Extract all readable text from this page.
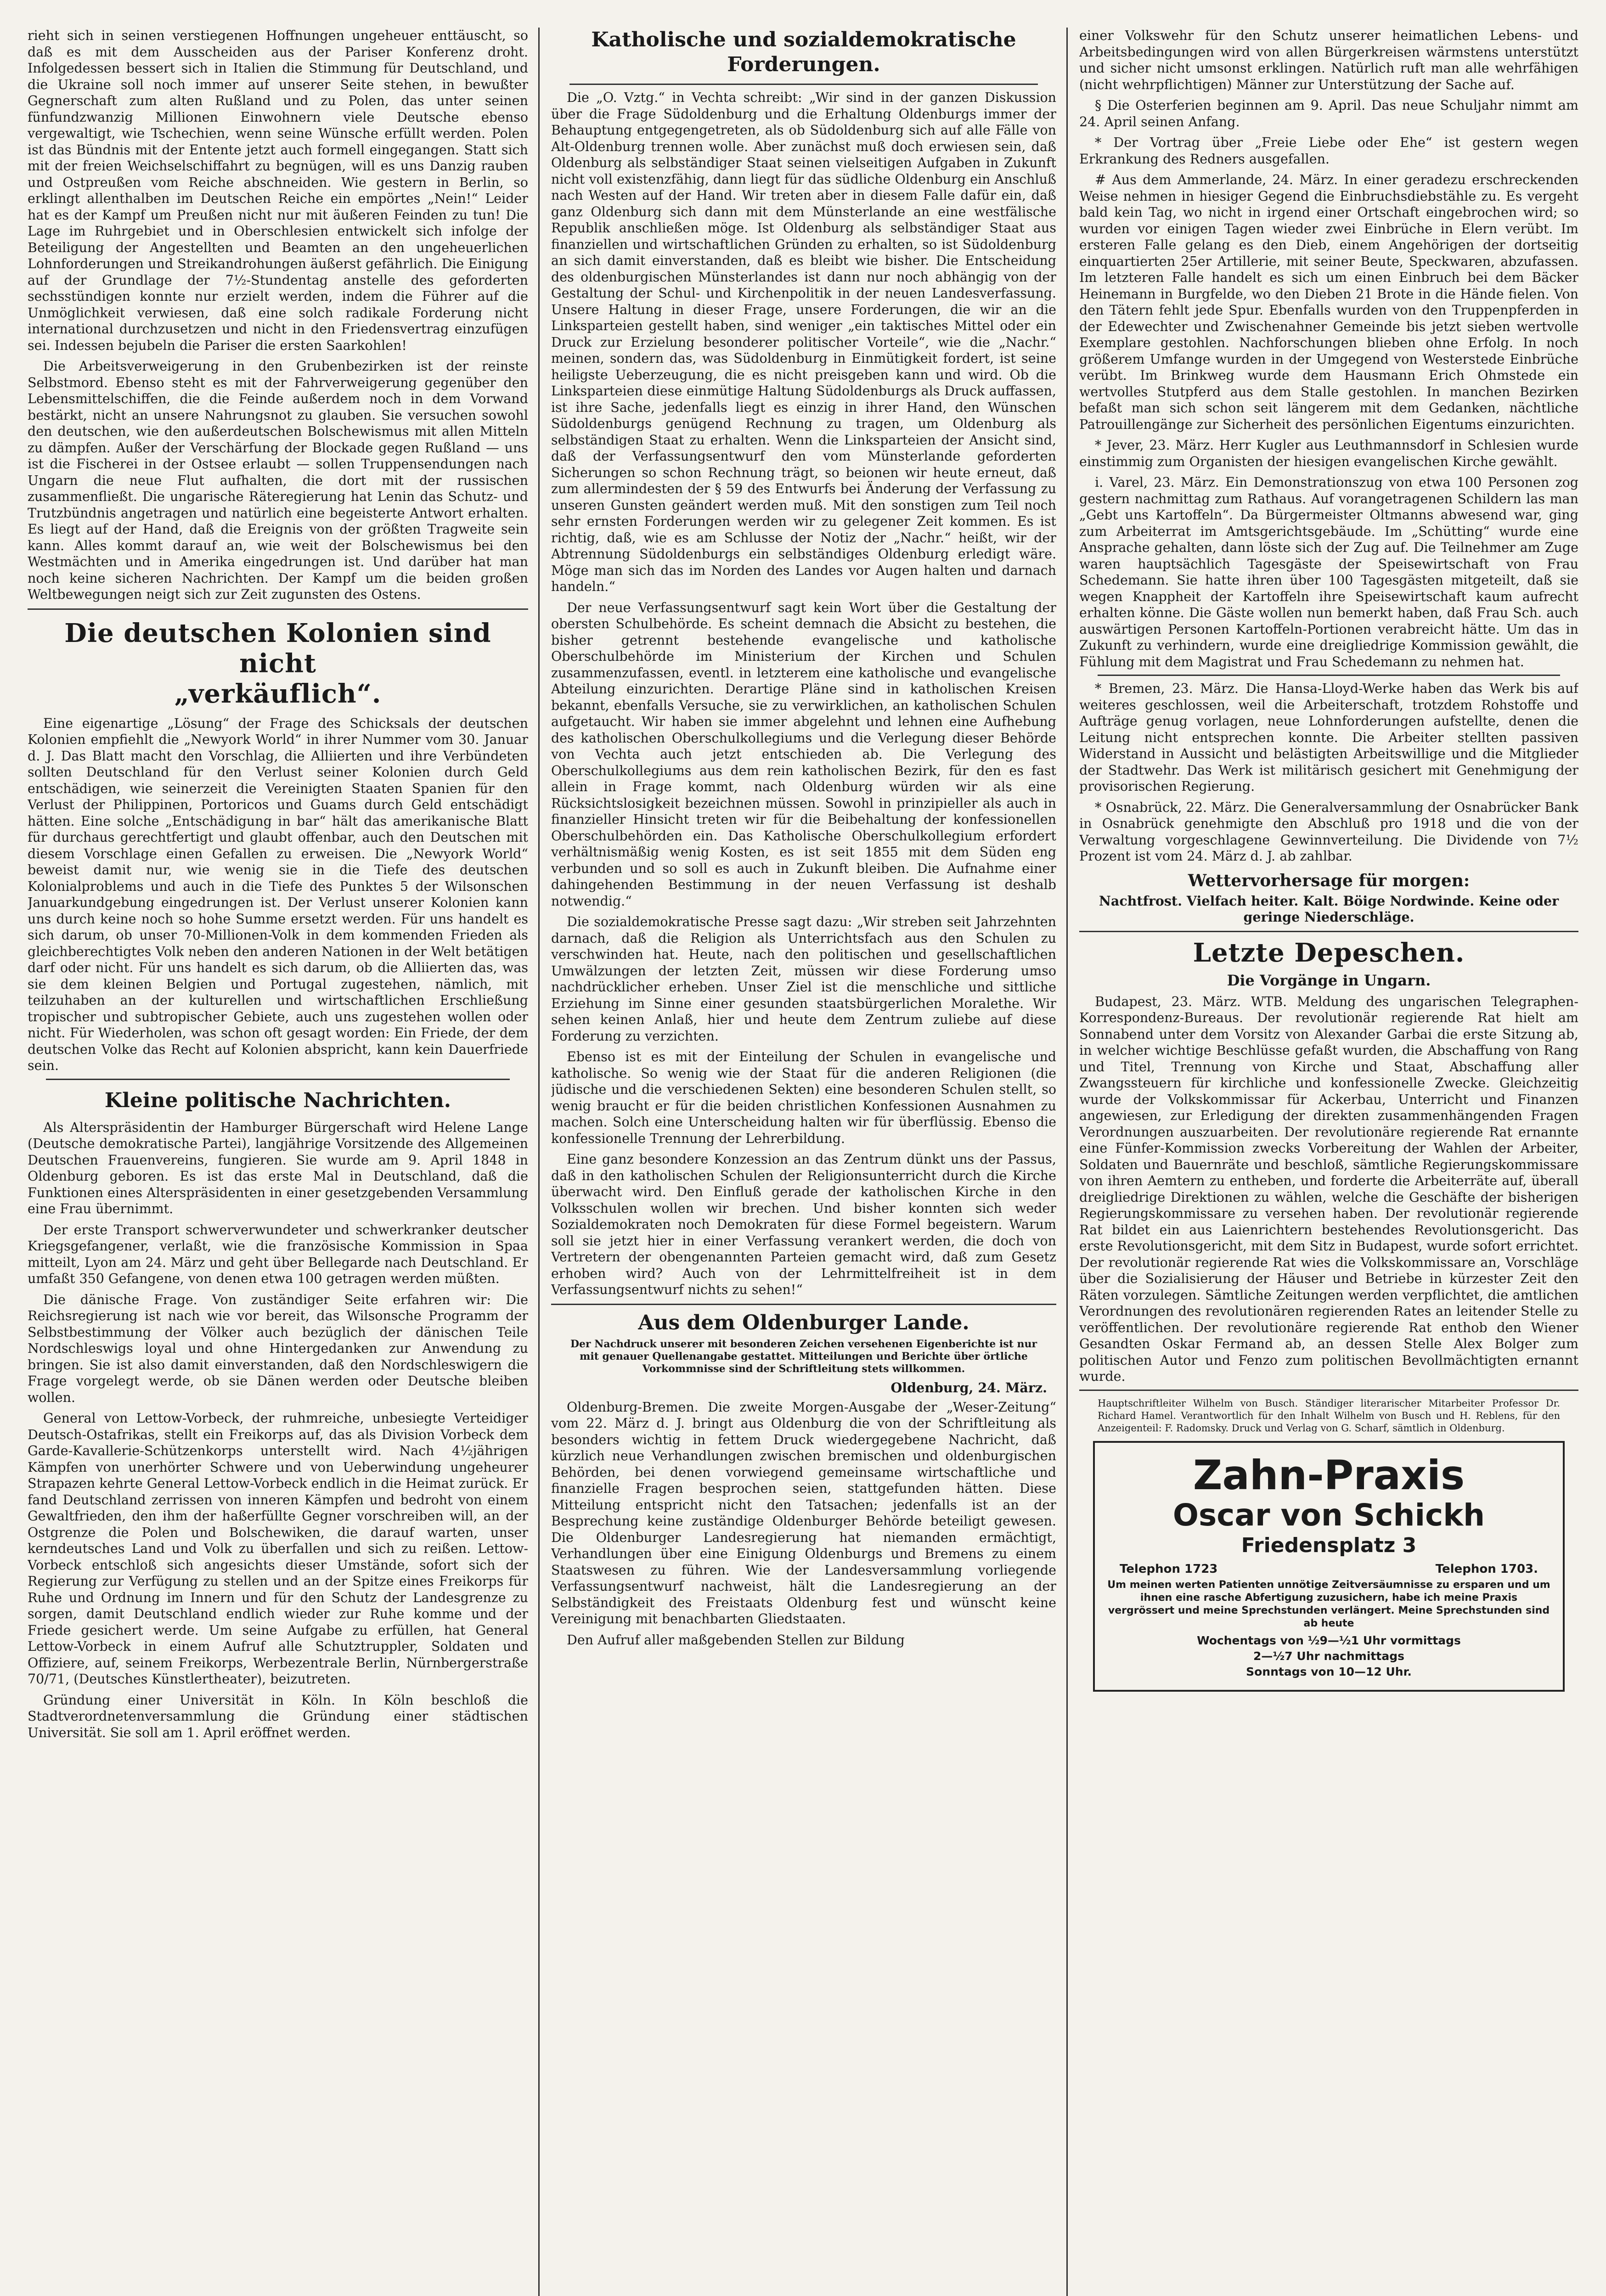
rieht sich in seinen verstiegenen Hoffnungen ungeheuer enttäuscht, so daß es mit dem Ausscheiden aus der Pariser Konferenz droht. Infolgedessen bessert sich in Italien die Stimmung für Deutschland, und die Ukraine soll noch immer auf unserer Seite stehen, in bewußter Gegnerschaft zum alten Rußland und zu Polen, das unter seinen fünfundzwanzig Millionen Einwohnern viele Deutsche ebenso vergewaltigt, wie Tschechien, wenn seine Wünsche erfüllt werden. Polen ist das Bündnis mit der Entente jetzt auch formell eingegangen. Statt sich mit der freien Weichselschiffahrt zu begnügen, will es uns Danzig rauben und Ostpreußen vom Reiche abschneiden. Wie gestern in Berlin, so erklingt allenthalben im Deutschen Reiche ein empörtes „Nein!“ Leider hat es der Kampf um Preußen nicht nur mit äußeren Feinden zu tun! Die Lage im Ruhrgebiet und in Oberschlesien entwickelt sich infolge der Beteiligung der Angestellten und Beamten an den ungeheuerlichen Lohnforderungen und Streikandrohungen äußerst gefährlich. Die Einigung auf der Grundlage der 7½-Stundentag anstelle des geforderten sechsstündigen konnte nur erzielt werden, indem die Führer auf die Unmöglichkeit verwiesen, daß eine solch radikale Forderung nicht international durchzusetzen und nicht in den Friedensvertrag einzufügen sei. Indessen bejubeln die Pariser die ersten Saarkohlen!

Die Arbeitsverweigerung in den Grubenbezirken ist der reinste Selbstmord. Ebenso steht es mit der Fahrverweigerung gegenüber den Lebensmittelschiffen, die die Feinde außerdem noch in dem Vorwand bestärkt, nicht an unsere Nahrungsnot zu glauben. Sie versuchen sowohl den deutschen, wie den außerdeutschen Bolschewismus mit allen Mitteln zu dämpfen. Außer der Verschärfung der Blockade gegen Rußland — uns ist die Fischerei in der Ostsee erlaubt — sollen Truppensendungen nach Ungarn die neue Flut aufhalten, die dort mit der russischen zusammenfließt. Die ungarische Räteregierung hat Lenin das Schutz- und Trutzbündnis angetragen und natürlich eine begeisterte Antwort erhalten. Es liegt auf der Hand, daß die Ereignis von der größten Tragweite sein kann. Alles kommt darauf an, wie weit der Bolschewismus bei den Westmächten und in Amerika eingedrungen ist. Und darüber hat man noch keine sicheren Nachrichten. Der Kampf um die beiden großen Weltbewegungen neigt sich zur Zeit zugunsten des Ostens.

Die deutschen Kolonien sind nicht
„verkäuflich“.

Eine eigenartige „Lösung“ der Frage des Schicksals der deutschen Kolonien empfiehlt die „Newyork World“ in ihrer Nummer vom 30. Januar d. J. Das Blatt macht den Vorschlag, die Alliierten und ihre Verbündeten sollten Deutschland für den Verlust seiner Kolonien durch Geld entschädigen, wie seinerzeit die Vereinigten Staaten Spanien für den Verlust der Philippinen, Portoricos und Guams durch Geld entschädigt hätten. Eine solche „Entschädigung in bar“ hält das amerikanische Blatt für durchaus gerechtfertigt und glaubt offenbar, auch den Deutschen mit diesem Vorschlage einen Gefallen zu erweisen. Die „Newyork World“ beweist damit nur, wie wenig sie in die Tiefe des deutschen Kolonialproblems und auch in die Tiefe des Punktes 5 der Wilsonschen Januarkundgebung eingedrungen ist. Der Verlust unserer Kolonien kann uns durch keine noch so hohe Summe ersetzt werden. Für uns handelt es sich darum, ob unser 70-Millionen-Volk in dem kommenden Frieden als gleichberechtigtes Volk neben den anderen Nationen in der Welt betätigen darf oder nicht. Für uns handelt es sich darum, ob die Alliierten das, was sie dem kleinen Belgien und Portugal zugestehen, nämlich, mit teilzuhaben an der kulturellen und wirtschaftlichen Erschließung tropischer und subtropischer Gebiete, auch uns zugestehen wollen oder nicht. Für Wiederholen, was schon oft gesagt worden: Ein Friede, der dem deutschen Volke das Recht auf Kolonien abspricht, kann kein Dauerfriede sein.

Kleine politische Nachrichten.

Als Alterspräsidentin der Hamburger Bürgerschaft wird Helene Lange (Deutsche demokratische Partei), langjährige Vorsitzende des Allgemeinen Deutschen Frauenvereins, fungieren. Sie wurde am 9. April 1848 in Oldenburg geboren. Es ist das erste Mal in Deutschland, daß die Funktionen eines Alterspräsidenten in einer gesetzgebenden Versammlung eine Frau übernimmt.

Der erste Transport schwerverwundeter und schwerkranker deutscher Kriegsgefangener, verlaßt, wie die französische Kommission in Spaa mitteilt, Lyon am 24. März und geht über Bellegarde nach Deutschland. Er umfaßt 350 Gefangene, von denen etwa 100 getragen werden müßten.

Die dänische Frage. Von zuständiger Seite erfahren wir: Die Reichsregierung ist nach wie vor bereit, das Wilsonsche Programm der Selbstbestimmung der Völker auch bezüglich der dänischen Teile Nordschleswigs loyal und ohne Hintergedanken zur Anwendung zu bringen. Sie ist also damit einverstanden, daß den Nordschleswigern die Frage vorgelegt werde, ob sie Dänen werden oder Deutsche bleiben wollen.

General von Lettow-Vorbeck, der ruhmreiche, unbesiegte Verteidiger Deutsch-Ostafrikas, stellt ein Freikorps auf, das als Division Vorbeck dem Garde-Kavallerie-Schützenkorps unterstellt wird. Nach 4½jährigen Kämpfen von unerhörter Schwere und von Ueberwindung ungeheurer Strapazen kehrte General Lettow-Vorbeck endlich in die Heimat zurück. Er fand Deutschland zerrissen von inneren Kämpfen und bedroht von einem Gewaltfrieden, den ihm der haßerfüllte Gegner vorschreiben will, an der Ostgrenze die Polen und Bolschewiken, die darauf warten, unser kerndeutsches Land und Volk zu überfallen und sich zu reißen. Lettow-Vorbeck entschloß sich angesichts dieser Umstände, sofort sich der Regierung zur Verfügung zu stellen und an der Spitze eines Freikorps für Ruhe und Ordnung im Innern und für den Schutz der Landesgrenze zu sorgen, damit Deutschland endlich wieder zur Ruhe komme und der Friede gesichert werde. Um seine Aufgabe zu erfüllen, hat General Lettow-Vorbeck in einem Aufruf alle Schutztruppler, Soldaten und Offiziere, auf, seinem Freikorps, Werbezentrale Berlin, Nürnbergerstraße 70/71, (Deutsches Künstlertheater), beizutreten.

Gründung einer Universität in Köln. In Köln beschloß die Stadtverordnetenversammlung die Gründung einer städtischen Universität. Sie soll am 1. April eröffnet werden.

Katholische und sozialdemokratische
Forderungen.

Die „O. Vztg.“ in Vechta schreibt: „Wir sind in der ganzen Diskussion über die Frage Südoldenburg und die Erhaltung Oldenburgs immer der Behauptung entgegengetreten, als ob Südoldenburg sich auf alle Fälle von Alt-Oldenburg trennen wolle. Aber zunächst muß doch erwiesen sein, daß Oldenburg als selbständiger Staat seinen vielseitigen Aufgaben in Zukunft nicht voll existenzfähig, dann liegt für das südliche Oldenburg ein Anschluß nach Westen auf der Hand. Wir treten aber in diesem Falle dafür ein, daß ganz Oldenburg sich dann mit dem Münsterlande an eine westfälische Republik anschließen möge. Ist Oldenburg als selbständiger Staat aus finanziellen und wirtschaftlichen Gründen zu erhalten, so ist Südoldenburg an sich damit einverstanden, daß es bleibt wie bisher. Die Entscheidung des oldenburgischen Münsterlandes ist dann nur noch abhängig von der Gestaltung der Schul- und Kirchenpolitik in der neuen Landesverfassung. Unsere Haltung in dieser Frage, unsere Forderungen, die wir an die Linksparteien gestellt haben, sind weniger „ein taktisches Mittel oder ein Druck zur Erzielung besonderer politischer Vorteile“, wie die „Nachr.“ meinen, sondern das, was Südoldenburg in Einmütigkeit fordert, ist seine heiligste Ueberzeugung, die es nicht preisgeben kann und wird. Ob die Linksparteien diese einmütige Haltung Südoldenburgs als Druck auffassen, ist ihre Sache, jedenfalls liegt es einzig in ihrer Hand, den Wünschen Südoldenburgs genügend Rechnung zu tragen, um Oldenburg als selbständigen Staat zu erhalten. Wenn die Linksparteien der Ansicht sind, daß der Verfassungsentwurf den vom Münsterlande geforderten Sicherungen so schon Rechnung trägt, so beionen wir heute erneut, daß zum allermindesten der § 59 des Entwurfs bei Änderung der Verfassung zu unseren Gunsten geändert werden muß. Mit den sonstigen zum Teil noch sehr ernsten Forderungen werden wir zu gelegener Zeit kommen. Es ist richtig, daß, wie es am Schlusse der Notiz der „Nachr.“ heißt, wir der Abtrennung Südoldenburgs ein selbständiges Oldenburg erledigt wäre. Möge man sich das im Norden des Landes vor Augen halten und darnach handeln.“

Der neue Verfassungsentwurf sagt kein Wort über die Gestaltung der obersten Schulbehörde. Es scheint demnach die Absicht zu bestehen, die bisher getrennt bestehende evangelische und katholische Oberschulbehörde im Ministerium der Kirchen und Schulen zusammenzufassen, eventl. in letzterem eine katholische und evangelische Abteilung einzurichten. Derartige Pläne sind in katholischen Kreisen bekannt, ebenfalls Versuche, sie zu verwirklichen, an katholischen Schulen aufgetaucht. Wir haben sie immer abgelehnt und lehnen eine Aufhebung des katholischen Oberschulkollegiums und die Verlegung dieser Behörde von Vechta auch jetzt entschieden ab. Die Verlegung des Oberschulkollegiums aus dem rein katholischen Bezirk, für den es fast allein in Frage kommt, nach Oldenburg würden wir als eine Rücksichtslosigkeit bezeichnen müssen. Sowohl in prinzipieller als auch in finanzieller Hinsicht treten wir für die Beibehaltung der konfessionellen Oberschulbehörden ein. Das Katholische Oberschulkollegium erfordert verhältnismäßig wenig Kosten, es ist seit 1855 mit dem Süden eng verbunden und so soll es auch in Zukunft bleiben. Die Aufnahme einer dahingehenden Bestimmung in der neuen Verfassung ist deshalb notwendig.“

Die sozialdemokratische Presse sagt dazu: „Wir streben seit Jahrzehnten darnach, daß die Religion als Unterrichtsfach aus den Schulen zu verschwinden hat. Heute, nach den politischen und gesellschaftlichen Umwälzungen der letzten Zeit, müssen wir diese Forderung umso nachdrücklicher erheben. Unser Ziel ist die menschliche und sittliche Erziehung im Sinne einer gesunden staatsbürgerlichen Moralethe. Wir sehen keinen Anlaß, hier und heute dem Zentrum zuliebe auf diese Forderung zu verzichten.

Ebenso ist es mit der Einteilung der Schulen in evangelische und katholische. So wenig wie der Staat für die anderen Religionen (die jüdische und die verschiedenen Sekten) eine besonderen Schulen stellt, so wenig braucht er für die beiden christlichen Konfessionen Ausnahmen zu machen. Solch eine Unterscheidung halten wir für überflüssig. Ebenso die konfessionelle Trennung der Lehrerbildung.

Eine ganz besondere Konzession an das Zentrum dünkt uns der Passus, daß in den katholischen Schulen der Religionsunterricht durch die Kirche überwacht wird. Den Einfluß gerade der katholischen Kirche in den Volksschulen wollen wir brechen. Und bisher konnten sich weder Sozialdemokraten noch Demokraten für diese Formel begeistern. Warum soll sie jetzt hier in einer Verfassung verankert werden, die doch von Vertretern der obengenannten Parteien gemacht wird, daß zum Gesetz erhoben wird? Auch von der Lehrmittelfreiheit ist in dem Verfassungsentwurf nichts zu sehen!“

Aus dem Oldenburger Lande.
Der Nachdruck unserer mit besonderen Zeichen versehenen Eigenberichte ist nur mit genauer Quellenangabe gestattet. Mitteilungen und Berichte über örtliche Vorkommnisse sind der Schriftleitung stets willkommen.
Oldenburg, 24. März.

Oldenburg-Bremen. Die zweite Morgen-Ausgabe der „Weser-Zeitung“ vom 22. März d. J. bringt aus Oldenburg die von der Schriftleitung als besonders wichtig in fettem Druck wiedergegebene Nachricht, daß kürzlich neue Verhandlungen zwischen bremischen und oldenburgischen Behörden, bei denen vorwiegend gemeinsame wirtschaftliche und finanzielle Fragen besprochen seien, stattgefunden hätten. Diese Mitteilung entspricht nicht den Tatsachen; jedenfalls ist an der Besprechung keine zuständige Oldenburger Behörde beteiligt gewesen. Die Oldenburger Landesregierung hat niemanden ermächtigt, Verhandlungen über eine Einigung Oldenburgs und Bremens zu einem Staatswesen zu führen. Wie der Landesversammlung vorliegende Verfassungsentwurf nachweist, hält die Landesregierung an der Selbständigkeit des Freistaats Oldenburg fest und wünscht keine Vereinigung mit benachbarten Gliedstaaten.

Den Aufruf aller maßgebenden Stellen zur Bildung

einer Volkswehr für den Schutz unserer heimatlichen Lebens- und Arbeitsbedingungen wird von allen Bürgerkreisen wärmstens unterstützt und sicher nicht umsonst erklingen. Natürlich ruft man alle wehrfähigen (nicht wehrpflichtigen) Männer zur Unterstützung der Sache auf.

§ Die Osterferien beginnen am 9. April. Das neue Schuljahr nimmt am 24. April seinen Anfang.

* Der Vortrag über „Freie Liebe oder Ehe“ ist gestern wegen Erkrankung des Redners ausgefallen.

# Aus dem Ammerlande, 24. März. In einer geradezu erschreckenden Weise nehmen in hiesiger Gegend die Einbruchsdiebstähle zu. Es vergeht bald kein Tag, wo nicht in irgend einer Ortschaft eingebrochen wird; so wurden vor einigen Tagen wieder zwei Einbrüche in Elern verübt. Im ersteren Falle gelang es den Dieb, einem Angehörigen der dortseitig einquartierten 25er Artillerie, mit seiner Beute, Speckwaren, abzufassen. Im letzteren Falle handelt es sich um einen Einbruch bei dem Bäcker Heinemann in Burgfelde, wo den Dieben 21 Brote in die Hände fielen. Von den Tätern fehlt jede Spur. Ebenfalls wurden von den Truppenpferden in der Edewechter und Zwischenahner Gemeinde bis jetzt sieben wertvolle Exemplare gestohlen. Nachforschungen blieben ohne Erfolg. In noch größerem Umfange wurden in der Umgegend von Westerstede Einbrüche verübt. Im Brinkweg wurde dem Hausmann Erich Ohmstede ein wertvolles Stutpferd aus dem Stalle gestohlen. In manchen Bezirken befaßt man sich schon seit längerem mit dem Gedanken, nächtliche Patrouillengänge zur Sicherheit des persönlichen Eigentums einzurichten.

* Jever, 23. März. Herr Kugler aus Leuthmannsdorf in Schlesien wurde einstimmig zum Organisten der hiesigen evangelischen Kirche gewählt.

i. Varel, 23. März. Ein Demonstrationszug von etwa 100 Personen zog gestern nachmittag zum Rathaus. Auf vorangetragenen Schildern las man „Gebt uns Kartoffeln“. Da Bürgermeister Oltmanns abwesend war, ging zum Arbeiterrat im Amtsgerichtsgebäude. Im „Schütting“ wurde eine Ansprache gehalten, dann löste sich der Zug auf. Die Teilnehmer am Zuge waren hauptsächlich Tagesgäste der Speisewirtschaft von Frau Schedemann. Sie hatte ihren über 100 Tagesgästen mitgeteilt, daß sie wegen Knappheit der Kartoffeln ihre Speisewirtschaft kaum aufrecht erhalten könne. Die Gäste wollen nun bemerkt haben, daß Frau Sch. auch auswärtigen Personen Kartoffeln-Portionen verabreicht hätte. Um das in Zukunft zu verhindern, wurde eine dreigliedrige Kommission gewählt, die Fühlung mit dem Magistrat und Frau Schedemann zu nehmen hat.

* Bremen, 23. März. Die Hansa-Lloyd-Werke haben das Werk bis auf weiteres geschlossen, weil die Arbeiterschaft, trotzdem Rohstoffe und Aufträge genug vorlagen, neue Lohnforderungen aufstellte, denen die Leitung nicht entsprechen konnte. Die Arbeiter stellten passiven Widerstand in Aussicht und belästigten Arbeitswillige und die Mitglieder der Stadtwehr. Das Werk ist militärisch gesichert mit Genehmigung der provisorischen Regierung.

* Osnabrück, 22. März. Die Generalversammlung der Osnabrücker Bank in Osnabrück genehmigte den Abschluß pro 1918 und die von der Verwaltung vorgeschlagene Gewinnverteilung. Die Dividende von 7½ Prozent ist vom 24. März d. J. ab zahlbar.

Wettervorhersage für morgen:
Nachtfrost. Vielfach heiter. Kalt. Böige Nordwinde. Keine oder geringe Niederschläge.
Letzte Depeschen.
Die Vorgänge in Ungarn.

Budapest, 23. März. WTB. Meldung des ungarischen Telegraphen-Korrespondenz-Bureaus. Der revolutionär regierende Rat hielt am Sonnabend unter dem Vorsitz von Alexander Garbai die erste Sitzung ab, in welcher wichtige Beschlüsse gefaßt wurden, die Abschaffung von Rang und Titel, Trennung von Kirche und Staat, Abschaffung aller Zwangssteuern für kirchliche und konfessionelle Zwecke. Gleichzeitig wurde der Volkskommissar für Ackerbau, Unterricht und Finanzen angewiesen, zur Erledigung der direkten zusammenhängenden Fragen Verordnungen auszuarbeiten. Der revolutionäre regierende Rat ernannte eine Fünfer-Kommission zwecks Vorbereitung der Wahlen der Arbeiter, Soldaten und Bauernräte und beschloß, sämtliche Regierungskommissare von ihren Aemtern zu entheben, und forderte die Arbeiterräte auf, überall dreigliedrige Direktionen zu wählen, welche die Geschäfte der bisherigen Regierungskommissare zu versehen haben. Der revolutionär regierende Rat bildet ein aus Laienrichtern bestehendes Revolutionsgericht. Das erste Revolutionsgericht, mit dem Sitz in Budapest, wurde sofort errichtet. Der revolutionär regierende Rat wies die Volkskommissare an, Vorschläge über die Sozialisierung der Häuser und Betriebe in kürzester Zeit den Räten vorzulegen. Sämtliche Zeitungen werden verpflichtet, die amtlichen Verordnungen des revolutionären regierenden Rates an leitender Stelle zu veröffentlichen. Der revolutionäre regierende Rat enthob den Wiener Gesandten Oskar Fermand ab, an dessen Stelle Alex Bolger zum politischen Autor und Fenzo zum politischen Bevollmächtigten ernannt wurde.

Hauptschriftleiter Wilhelm von Busch. Ständiger literarischer Mitarbeiter Professor Dr. Richard Hamel. Verantwortlich für den Inhalt Wilhelm von Busch und H. Reblens, für den Anzeigenteil: F. Radomsky. Druck und Verlag von G. Scharf, sämtlich in Oldenburg.
Zahn-Praxis
Oscar von Schickh
Friedensplatz 3
Telephon 1723	Telephon 1703.
Um meinen werten Patienten unnötige Zeitversäumnisse zu ersparen und um ihnen eine rasche Abfertigung zuzusichern, habe ich meine Praxis vergrössert und meine Sprechstunden verlängert. Meine Sprechstunden sind ab heute
Wochentags von ½9—½1 Uhr vormittags
2—½7 Uhr nachmittags
Sonntags von 10—12 Uhr.
